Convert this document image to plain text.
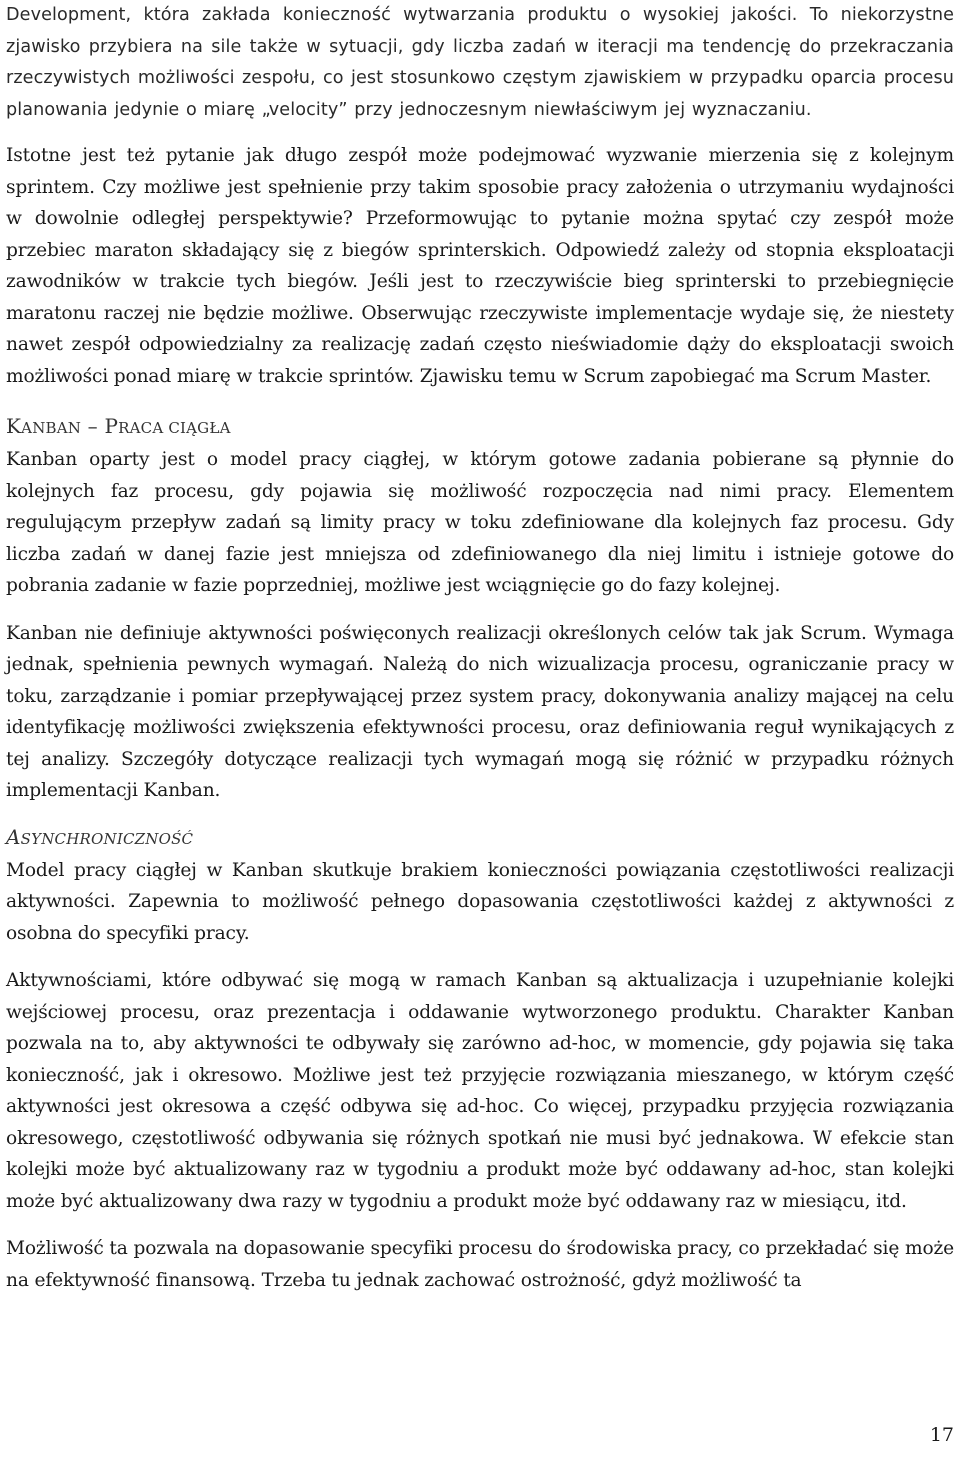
Development, która zakłada konieczność wytwarzania produktu o wysokiej jakości. To niekorzystne zjawisko przybiera na sile także w sytuacji, gdy liczba zadań w iteracji ma tendencję do przekraczania rzeczywistych możliwości zespołu, co jest stosunkowo częstym zjawiskiem w przypadku oparcia procesu planowania jedynie o miarę „velocity” przy jednoczesnym niewłaściwym jej wyznaczaniu.

Istotne jest też pytanie jak długo zespół może podejmować wyzwanie mierzenia się z kolejnym sprintem. Czy możliwe jest spełnienie przy takim sposobie pracy założenia o utrzymaniu wydajności w dowolnie odległej perspektywie? Przeformowując to pytanie można spytać czy zespół może przebiec maraton składający się z biegów sprinterskich. Odpowiedź zależy od stopnia eksploatacji zawodników w trakcie tych biegów. Jeśli jest to rzeczywiście bieg sprinterski to przebiegnięcie maratonu raczej nie będzie możliwe. Obserwując rzeczywiste implementacje wydaje się, że niestety nawet zespół odpowiedzialny za realizację zadań często nieświadomie dąży do eksploatacji swoich możliwości ponad miarę w trakcie sprintów. Zjawisku temu w Scrum zapobiegać ma Scrum Master.

KANBAN – PRACA CIĄGŁA

Kanban oparty jest o model pracy ciągłej, w którym gotowe zadania pobierane są płynnie do kolejnych faz procesu, gdy pojawia się możliwość rozpoczęcia nad nimi pracy. Elementem regulującym przepływ zadań są limity pracy w toku zdefiniowane dla kolejnych faz procesu. Gdy liczba zadań w danej fazie jest mniejsza od zdefiniowanego dla niej limitu i istnieje gotowe do pobrania zadanie w fazie poprzedniej, możliwe jest wciągnięcie go do fazy kolejnej.

Kanban nie definiuje aktywności poświęconych realizacji określonych celów tak jak Scrum. Wymaga jednak, spełnienia pewnych wymagań. Należą do nich wizualizacja procesu, ograniczanie pracy w toku, zarządzanie i pomiar przepływającej przez system pracy, dokonywania analizy mającej na celu identyfikację możliwości zwiększenia efektywności procesu, oraz definiowania reguł wynikających z tej analizy. Szczegóły dotyczące realizacji tych wymagań mogą się różnić w przypadku różnych implementacji Kanban.

ASYNCHRONICZNOŚĆ

Model pracy ciągłej w Kanban skutkuje brakiem konieczności powiązania częstotliwości realizacji aktywności. Zapewnia to możliwość pełnego dopasowania częstotliwości każdej z aktywności z osobna do specyfiki pracy.

Aktywnościami, które odbywać się mogą w ramach Kanban są aktualizacja i uzupełnianie kolejki wejściowej procesu, oraz prezentacja i oddawanie wytworzonego produktu. Charakter Kanban pozwala na to, aby aktywności te odbywały się zarówno ad-hoc, w momencie, gdy pojawia się taka konieczność, jak i okresowo. Możliwe jest też przyjęcie rozwiązania mieszanego, w którym część aktywności jest okresowa a część odbywa się ad-hoc. Co więcej, przypadku przyjęcia rozwiązania okresowego, częstotliwość odbywania się różnych spotkań nie musi być jednakowa. W efekcie stan kolejki może być aktualizowany raz w tygodniu a produkt może być oddawany ad-hoc, stan kolejki może być aktualizowany dwa razy w tygodniu a produkt może być oddawany raz w miesiącu, itd.

Możliwość ta pozwala na dopasowanie specyfiki procesu do środowiska pracy, co przekładać się może na efektywność finansową. Trzeba tu jednak zachować ostrożność, gdyż możliwość ta

17
